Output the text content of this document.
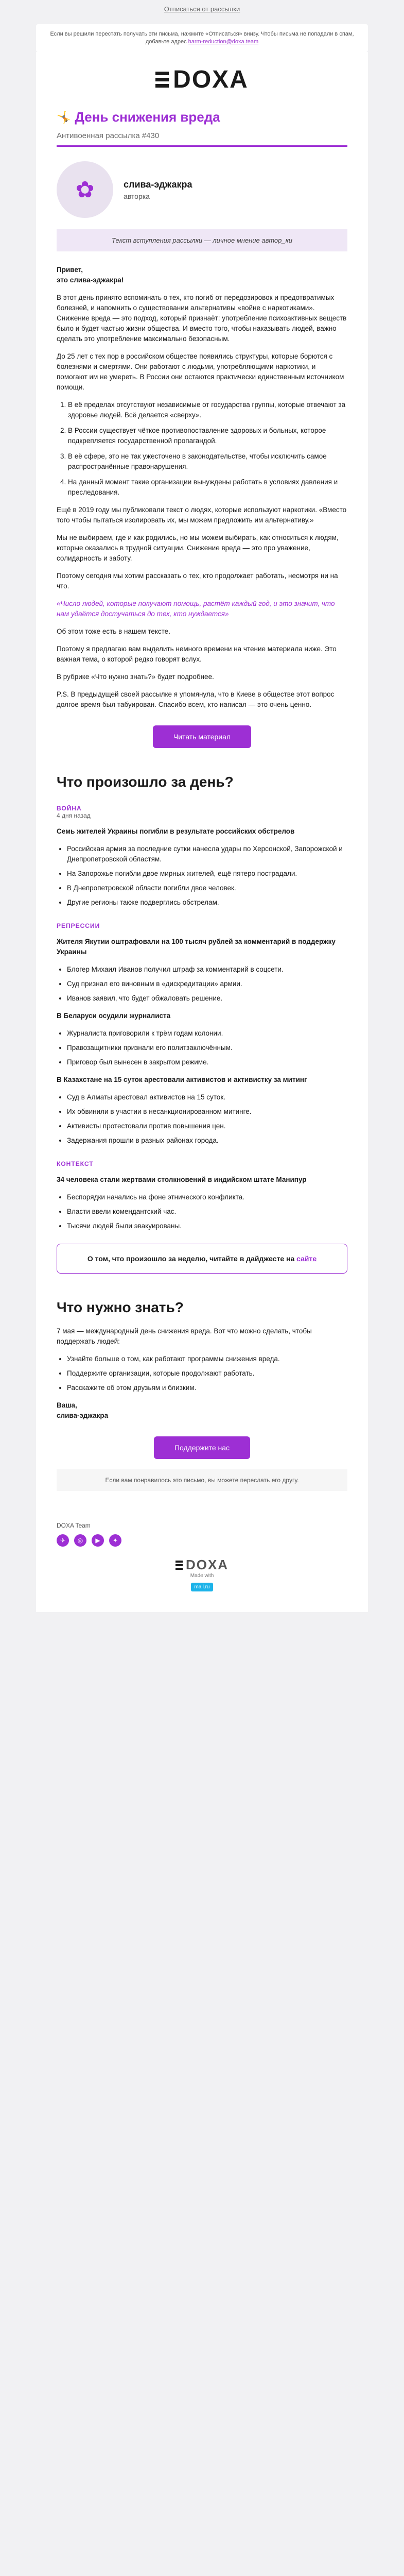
Отписаться от рассылки
Если вы решили перестать получать эти письма, нажмите «Отписаться» внизу. Чтобы письма не попадали в спам, добавьте адрес harm-reduction@doxa.team
DOXA
🤸 День снижения вреда
Антивоенная рассылка #430
✿	слива-эджакра
авторка
Текст вступления рассылки — личное мнение автор_ки

Привет,
это слива-эджакра!

В этот день принято вспоминать о тех, кто погиб от передозировок и предотвратимых болезней, и напомнить о существовании альтернативы «войне с наркотиками». Снижение вреда — это подход, который признаёт: употребление психоактивных веществ было и будет частью жизни общества. И вместо того, чтобы наказывать людей, важно сделать это употребление максимально безопасным.

До 25 лет с тех пор в российском обществе появились структуры, которые борются с болезнями и смертями. Они работают с людьми, употребляющими наркотики, и помогают им не умереть. В России они остаются практически единственным источником помощи.

1. В её пределах отсутствуют независимые от государства группы, которые отвечают за здоровье людей. Всё делается «сверху».
2. В России существует чёткое противопоставление здоровых и больных, которое подкрепляется государственной пропагандой.
3. В её сфере, это не так ужесточено в законодательстве, чтобы исключить самое распространённые правонарушения.
4. На данный момент такие организации вынуждены работать в условиях давления и преследования.

Ещё в 2019 году мы публиковали текст о людях, которые используют наркотики. «Вместо того чтобы пытаться изолировать их, мы можем предложить им альтернативу.»

Мы не выбираем, где и как родились, но мы можем выбирать, как относиться к людям, которые оказались в трудной ситуации. Снижение вреда — это про уважение, солидарность и заботу.

Поэтому сегодня мы хотим рассказать о тех, кто продолжает работать, несмотря ни на что.

«Число людей, которые получают помощь, растёт каждый год, и это значит, что нам удаётся достучаться до тех, кто нуждается»

Об этом тоже есть в нашем тексте.

Поэтому я предлагаю вам выделить немного времени на чтение материала ниже. Это важная тема, о которой редко говорят вслух.

В рубрике «Что нужно знать?» будет подробнее.

P.S. В предыдущей своей рассылке я упомянула, что в Киеве в обществе этот вопрос долгое время был табуирован. Спасибо всем, кто написал — это очень ценно.

Читать материал
Что произошло за день?
ВОЙНА
4 дня назад

Семь жителей Украины погибли в результате российских обстрелов

• Российская армия за последние сутки нанесла удары по Херсонской, Запорожской и Днепропетровской областям.
• На Запорожье погибли двое мирных жителей, ещё пятеро пострадали.
• В Днепропетровской области погибли двое человек.
• Другие регионы также подверглись обстрелам.
РЕПРЕССИИ

Жителя Якутии оштрафовали на 100 тысяч рублей за комментарий в поддержку Украины

• Блогер Михаил Иванов получил штраф за комментарий в соцсети.
• Суд признал его виновным в «дискредитации» армии.
• Иванов заявил, что будет обжаловать решение.

В Беларуси осудили журналиста

• Журналиста приговорили к трём годам колонии.
• Правозащитники признали его политзаключённым.
• Приговор был вынесен в закрытом режиме.

В Казахстане на 15 суток арестовали активистов и активистку за митинг

• Суд в Алматы арестовал активистов на 15 суток.
• Их обвинили в участии в несанкционированном митинге.
• Активисты протестовали против повышения цен.
• Задержания прошли в разных районах города.
КОНТЕКСТ

34 человека стали жертвами столкновений в индийском штате Манипур

• Беспорядки начались на фоне этнического конфликта.
• Власти ввели комендантский час.
• Тысячи людей были эвакуированы.
О том, что произошло за неделю, читайте в дайджесте на сайте
Что нужно знать?

7 мая — международный день снижения вреда. Вот что можно сделать, чтобы поддержать людей:

• Узнайте больше о том, как работают программы снижения вреда.
• Поддержите организации, которые продолжают работать.
• Расскажите об этом друзьям и близким.

Ваша,
слива-эджакра

Поддержите нас
Если вам понравилось это письмо, вы можете переслать его другу.
DOXA Team
✈	◎	▶	✦
DOXA
Made with
mail.ru
